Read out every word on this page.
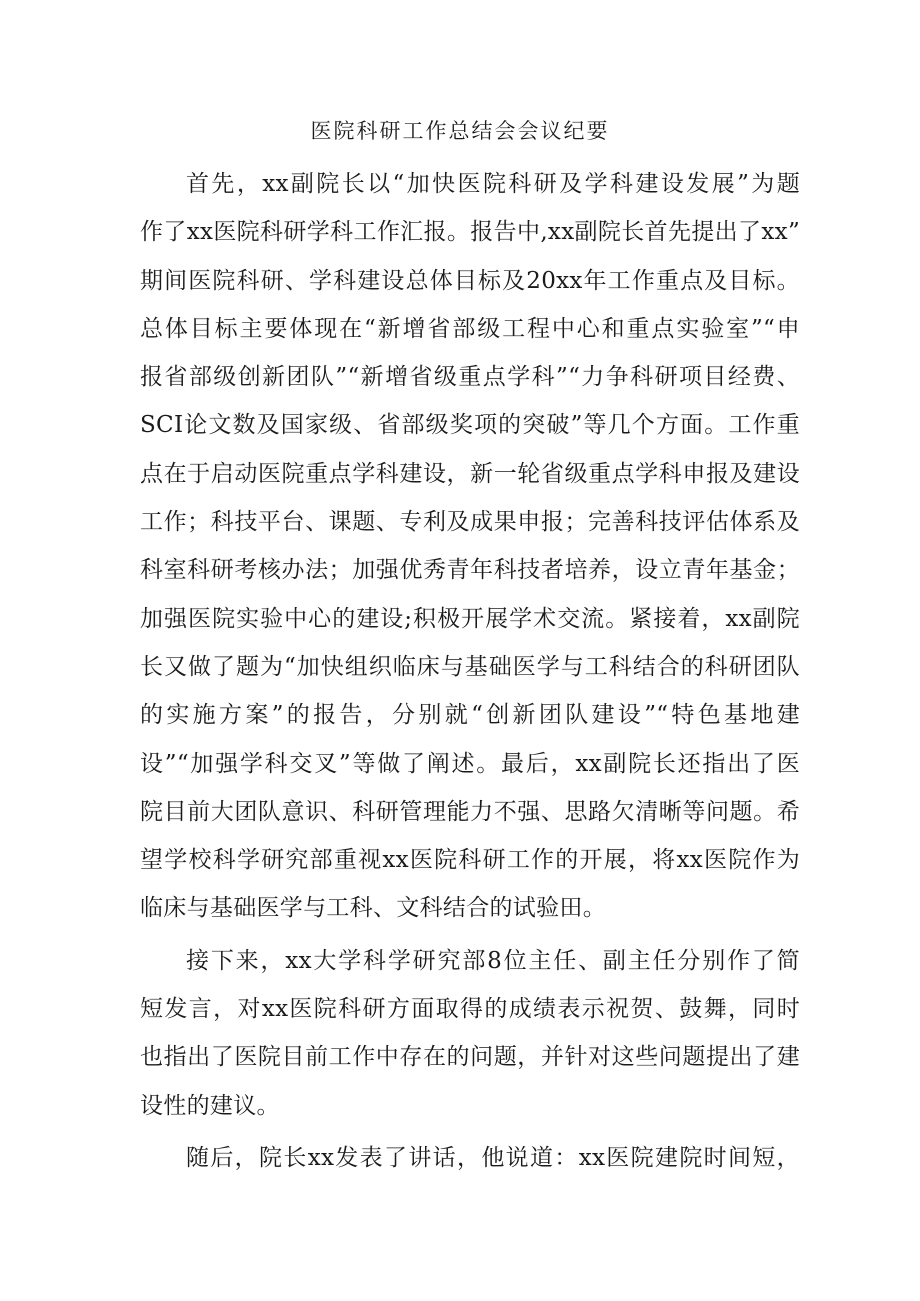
医院科研工作总结会会议纪要
首先，xx副院长以“加快医院科研及学科建设发展”为题
作了xx医院科研学科工作汇报。报告中,xx副院长首先提出了xx”
期间医院科研、学科建设总体目标及20xx年工作重点及目标。
总体目标主要体现在“新增省部级工程中心和重点实验室”“申
报省部级创新团队”“新增省级重点学科”“力争科研项目经费、
SCI论文数及国家级、省部级奖项的突破”等几个方面。工作重
点在于启动医院重点学科建设，新一轮省级重点学科申报及建设
工作；科技平台、课题、专利及成果申报；完善科技评估体系及
科室科研考核办法；加强优秀青年科技者培养，设立青年基金；
加强医院实验中心的建设;积极开展学术交流。紧接着，xx副院
长又做了题为“加快组织临床与基础医学与工科结合的科研团队
的实施方案”的报告，分别就“创新团队建设”“特色基地建
设”“加强学科交叉”等做了阐述。最后，xx副院长还指出了医
院目前大团队意识、科研管理能力不强、思路欠清晰等问题。希
望学校科学研究部重视xx医院科研工作的开展，将xx医院作为
临床与基础医学与工科、文科结合的试验田。
接下来，xx大学科学研究部8位主任、副主任分别作了简
短发言，对xx医院科研方面取得的成绩表示祝贺、鼓舞，同时
也指出了医院目前工作中存在的问题，并针对这些问题提出了建
设性的建议。
随后，院长xx发表了讲话，他说道：xx医院建院时间短，
